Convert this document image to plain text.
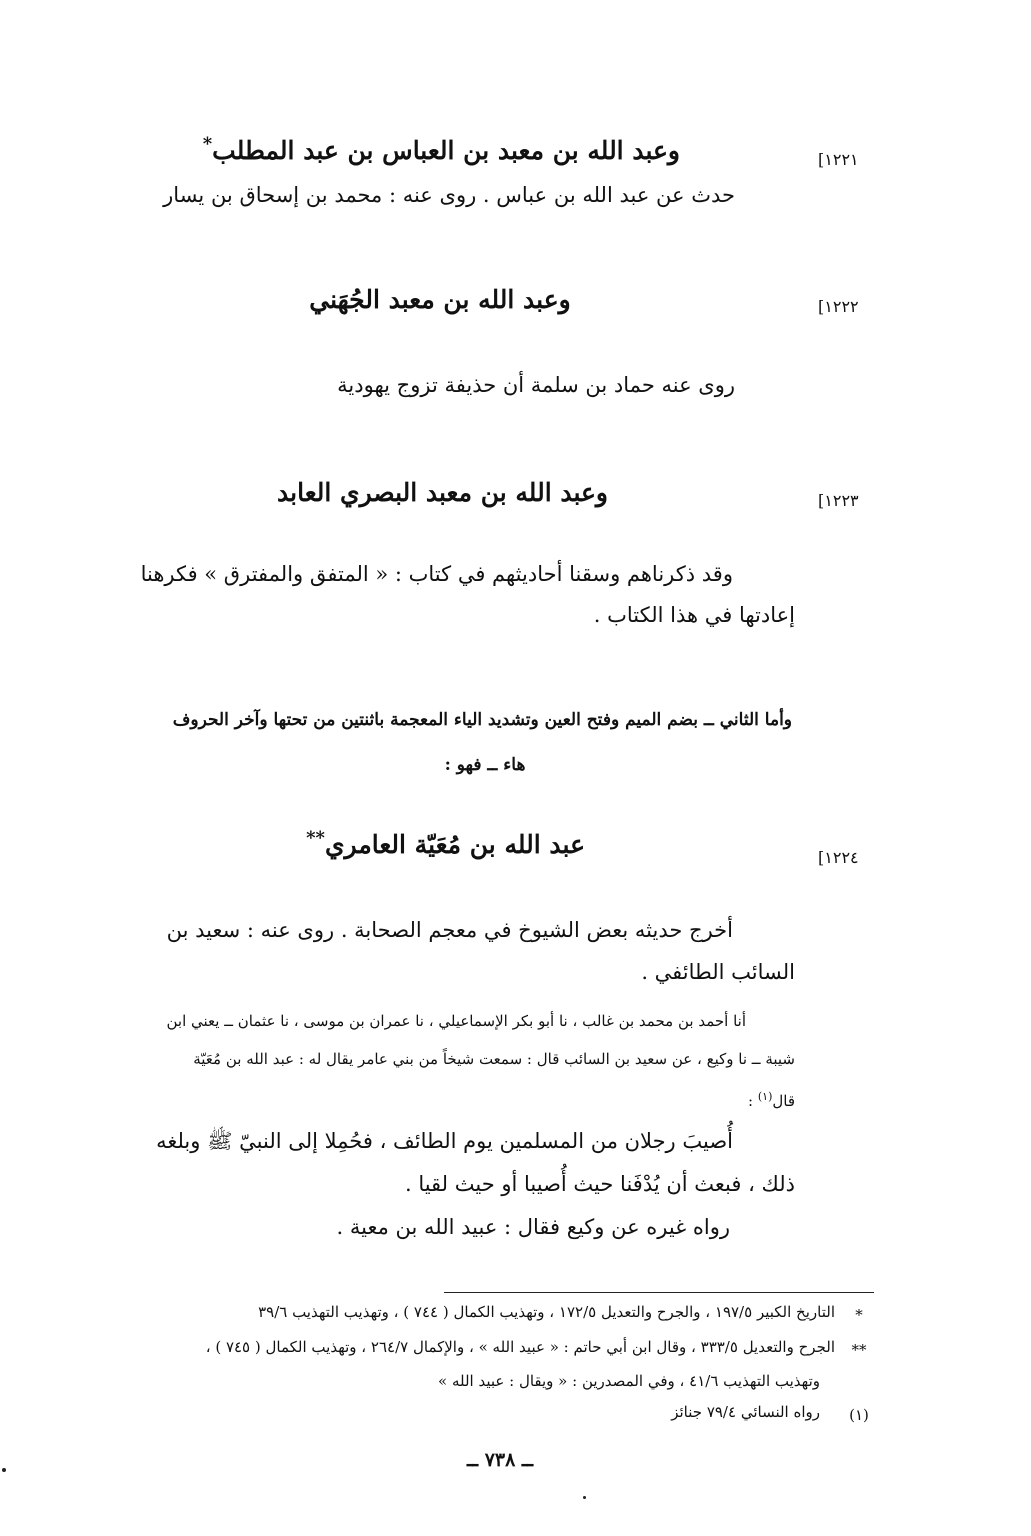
[١٢٢١
وعبد الله بن معبد بن العباس بن عبد المطلب*
حدث عن عبد الله بن عباس . روى عنه : محمد بن إسحاق بن يسار
[١٢٢٢
وعبد الله بن معبد الجُهَني
روى عنه حماد بن سلمة أن حذيفة تزوج يهودية
[١٢٢٣
وعبد الله بن معبد البصري العابد
وقد ذكرناهم وسقنا أحاديثهم في كتاب : « المتفق والمفترق » فكرهنا
إعادتها في هذا الكتاب .
وأما الثاني ــ بضم الميم وفتح العين وتشديد الياء المعجمة باثنتين من تحتها وآخر الحروف
هاء ــ فهو :
[١٢٢٤
عبد الله بن مُعَيّة العامري**
أخرج حديثه بعض الشيوخ في معجم الصحابة . روى عنه : سعيد بن
السائب الطائفي .
أنا أحمد بن محمد بن غالب ، نا أبو بكر الإسماعيلي ، نا عمران بن موسى ، نا عثمان ــ يعني ابن
شيبة ــ نا وكيع ، عن سعيد بن السائب قال : سمعت شيخاً من بني عامر يقال له : عبد الله بن مُعَيّة
قال$^{(١)}$ :
أُصيبَ رجلان من المسلمين يوم الطائف ، فحُمِلا إلى النبيّ ﷺ وبلغه
ذلك ، فبعث أن يُدْفَنا حيث أُصيبا أو حيث لقيا .
رواه غيره عن وكيع فقال : عبيد الله بن معية .
*
التاريخ الكبير ١٩٧/٥ ، والجرح والتعديل ١٧٢/٥ ، وتهذيب الكمال ( ٧٤٤ ) ، وتهذيب التهذيب ٣٩/٦
**
الجرح والتعديل ٣٣٣/٥ ، وقال ابن أبي حاتم : « عبيد الله » ، والإكمال ٢٦٤/٧ ، وتهذيب الكمال ( ٧٤٥ ) ،
وتهذيب التهذيب ٤١/٦ ، وفي المصدرين : « ويقال : عبيد الله »
(١)
رواه النسائي ٧٩/٤ جنائز
ــ ٧٣٨ ــ
